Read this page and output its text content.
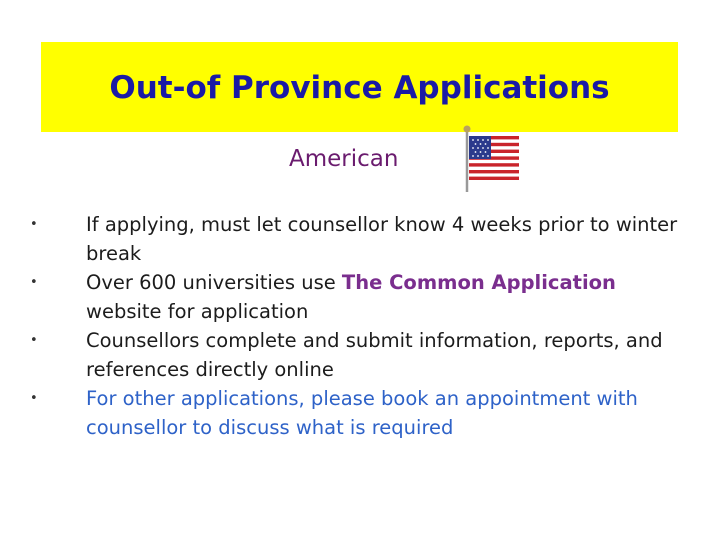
Out-of Province Applications
American
• If applying, must let counsellor know 4 weeks prior to winter break
• Over 600 universities use The Common Application website for application
• Counsellors complete and submit information, reports, and references directly online
• For other applications, please book an appointment with counsellor to discuss what is required
